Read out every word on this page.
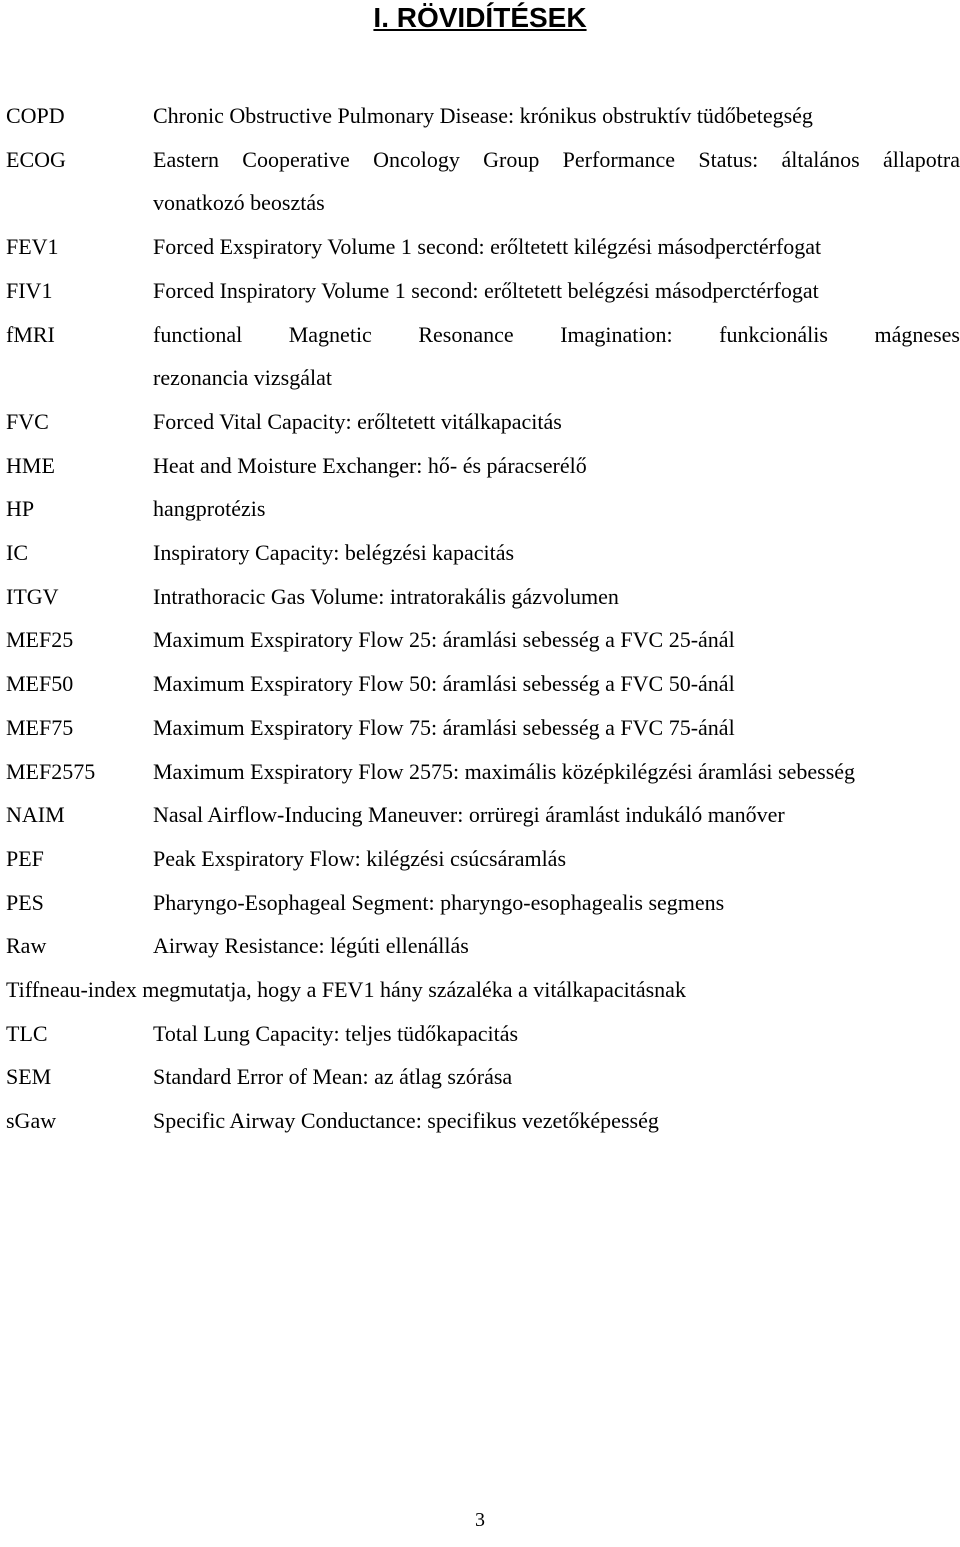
I. RÖVIDÍTÉSEK
COPD	Chronic Obstructive Pulmonary Disease: krónikus obstruktív tüdőbetegség
ECOG	Eastern Cooperative Oncology Group Performance Status: általános állapotra
vonatkozó beosztás
FEV1	Forced Exspiratory Volume 1 second: erőltetett kilégzési másodperctérfogat
FIV1	Forced Inspiratory Volume 1 second: erőltetett belégzési másodperctérfogat
fMRI	functional Magnetic Resonance Imagination: funkcionális mágneses
rezonancia vizsgálat
FVC	Forced Vital Capacity: erőltetett vitálkapacitás
HME	Heat and Moisture Exchanger: hő- és páracserélő
HP	hangprotézis
IC	Inspiratory Capacity: belégzési kapacitás
ITGV	Intrathoracic Gas Volume: intratorakális gázvolumen
MEF25	Maximum Exspiratory Flow 25: áramlási sebesség a FVC 25-ánál
MEF50	Maximum Exspiratory Flow 50: áramlási sebesség a FVC 50-ánál
MEF75	Maximum Exspiratory Flow 75: áramlási sebesség a FVC 75-ánál
MEF2575	Maximum Exspiratory Flow 2575: maximális középkilégzési áramlási sebesség
NAIM	Nasal Airflow-Inducing Maneuver: orrüregi áramlást indukáló manőver
PEF	Peak Exspiratory Flow: kilégzési csúcsáramlás
PES	Pharyngo-Esophageal Segment: pharyngo-esophagealis segmens
Raw	Airway Resistance: légúti ellenállás
Tiffneau-index megmutatja, hogy a FEV1 hány százaléka a vitálkapacitásnak
TLC	Total Lung Capacity: teljes tüdőkapacitás
SEM	Standard Error of Mean: az átlag szórása
sGaw	Specific Airway Conductance: specifikus vezetőképesség
3
